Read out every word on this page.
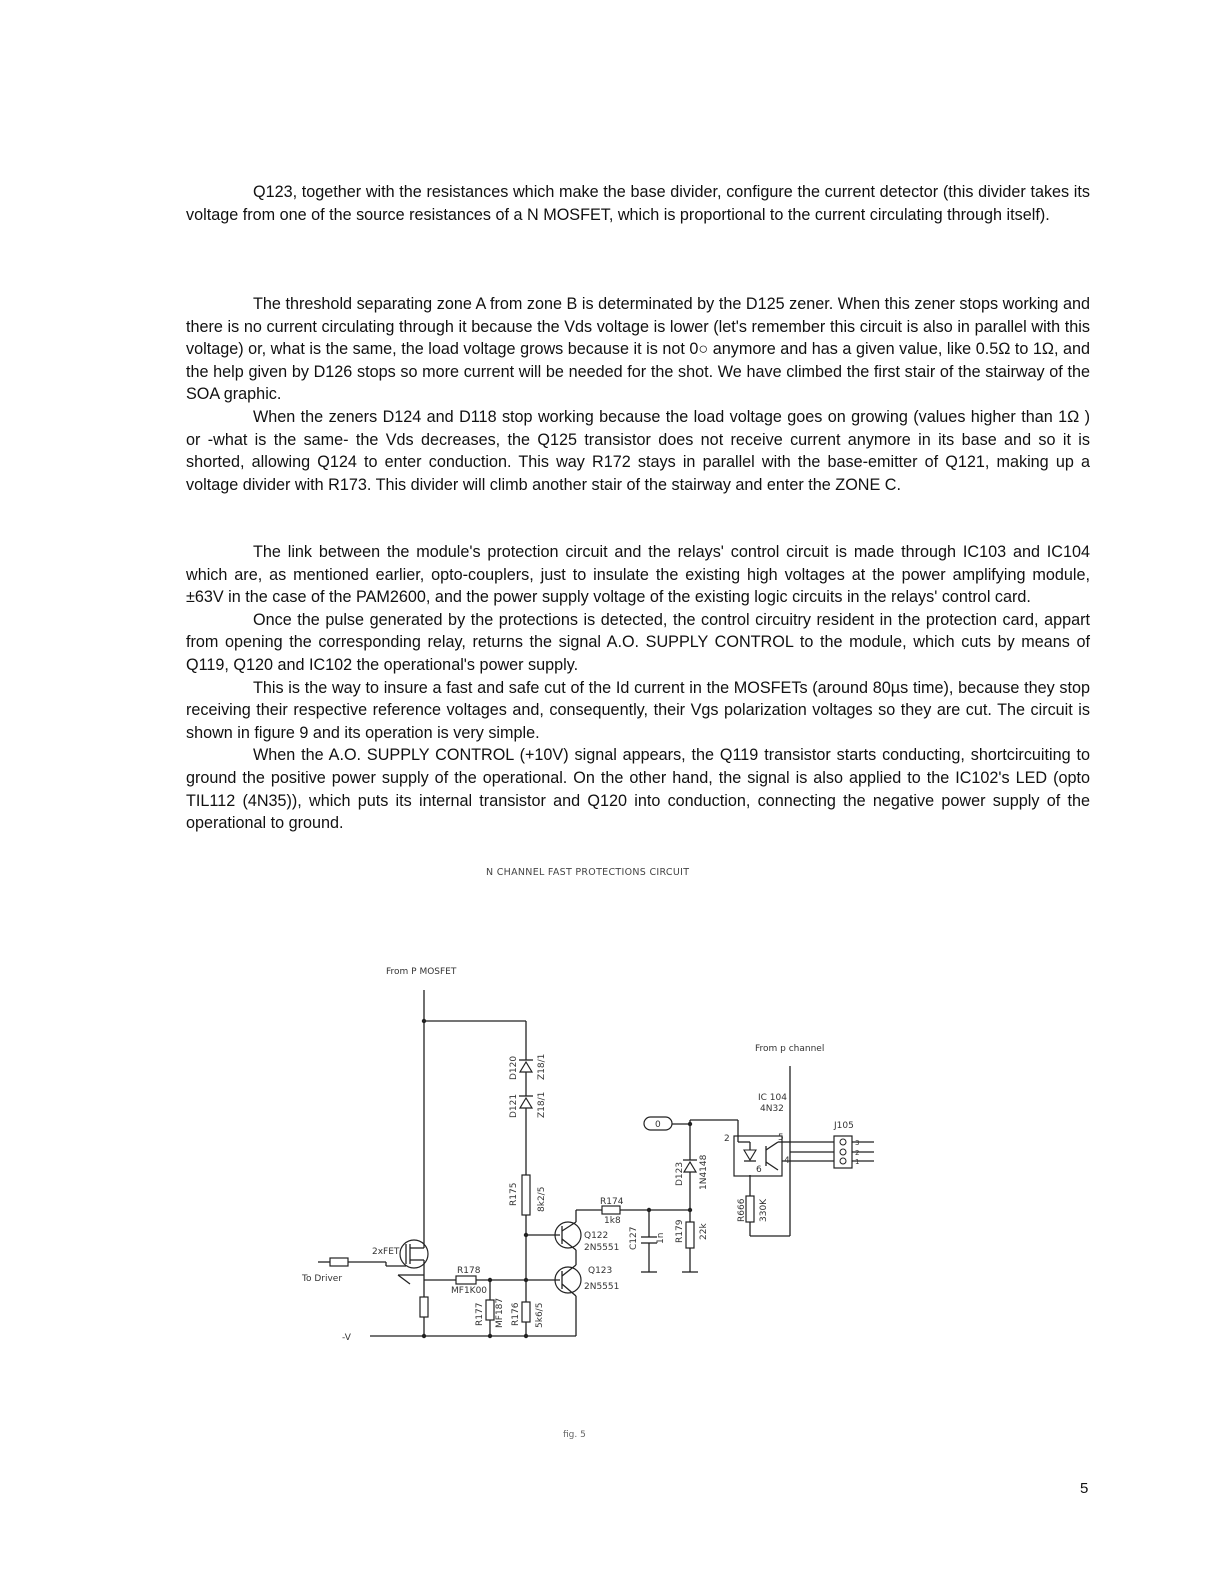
Q123, together with the resistances which make the base divider, configure the current detector (this divider takes its voltage from one of the source resistances of a N MOSFET, which is proportional to the current circulating through itself).

The threshold separating zone A from zone B is determinated by the D125 zener. When this zener stops working and there is no current circulating through it because the Vds voltage is lower (let's remember this circuit is also in parallel with this voltage) or, what is the same, the load voltage grows because it is not 0○ anymore and has a given value, like 0.5Ω to 1Ω, and the help given by D126 stops so more current will be needed for the shot. We have climbed the first stair of the stairway of the SOA graphic.

When the zeners D124 and D118 stop working because the load voltage goes on growing (values higher than 1Ω ) or -what is the same- the Vds decreases, the Q125 transistor does not receive current anymore in its base and so it is shorted, allowing Q124 to enter conduction. This way R172 stays in parallel with the base-emitter of Q121, making up a voltage divider with R173. This divider will climb another stair of the stairway and enter the ZONE C.

The link between the module's protection circuit and the relays' control circuit is made through IC103 and IC104 which are, as mentioned earlier, opto-couplers, just to insulate the existing high voltages at the power amplifying module, ±63V in the case of the PAM2600, and the power supply voltage of the existing logic circuits in the relays' control card.

Once the pulse generated by the protections is detected, the control circuitry resident in the protection card, appart from opening the corresponding relay, returns the signal A.O. SUPPLY CONTROL to the module, which cuts by means of Q119, Q120 and IC102 the operational's power supply.

This is the way to insure a fast and safe cut of the Id current in the MOSFETs (around 80µs time), because they stop receiving their respective reference voltages and, consequently, their Vgs polarization voltages so they are cut. The circuit is shown in figure 9 and its operation is very simple.

When the A.O. SUPPLY CONTROL (+10V) signal appears, the Q119 transistor starts conducting, shortcircuiting to ground the positive power supply of the operational. On the other hand, the signal is also applied to the IC102's LED (opto TIL112 (4N35)), which puts its internal transistor and Q120 into conduction, connecting the negative power supply of the operational to ground.

N CHANNEL FAST PROTECTIONS CIRCUIT
From P MOSFET
From p channel
To Driver
-V
D120 Z18/1
D121 Z18/1
R175 8k2/5	R174
1k8
Q122
2N5551
Q123
2N5551
R178
MF1K00
R177 MF187 R176 5k6/5
2xFET
C127 1n R179 22k
D123 1N4148
0
IC 104
4N32
2	5
4
6
R666 330K
J105
3
2
1
fig. 5
5
